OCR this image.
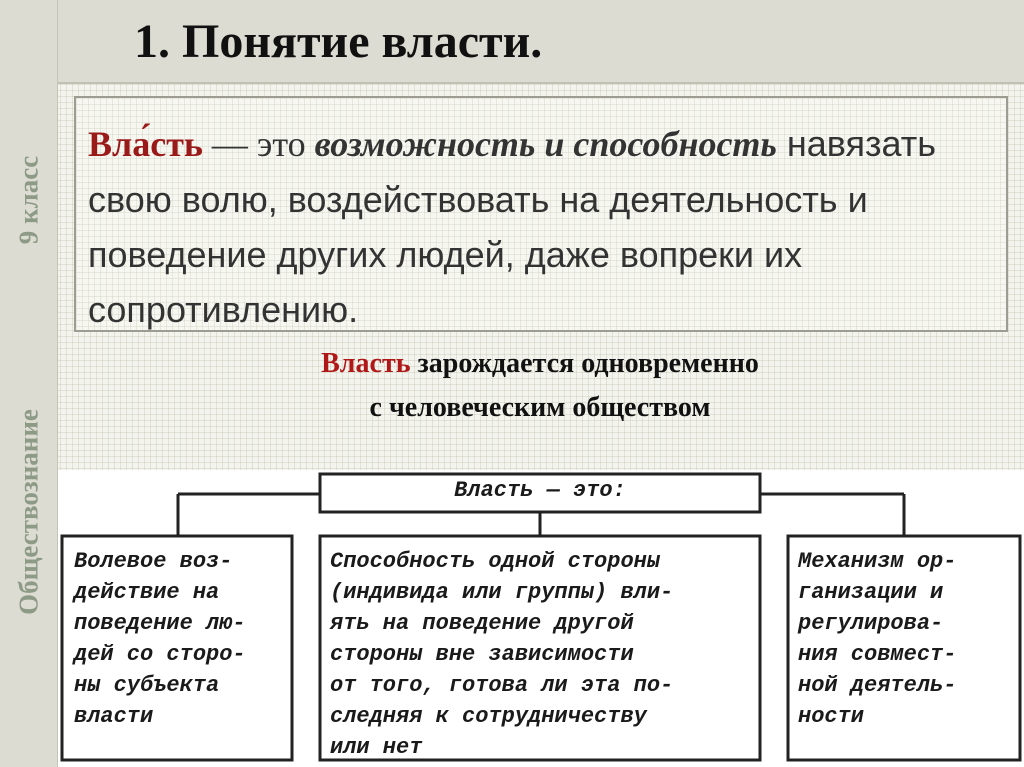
9 класс
Обществознание
1. Понятие власти.
Вла́сть — это возможность и способность навязать свою волю, воздействовать на деятельность и поведение других людей, даже вопреки их сопротивлению.
Власть зарождается одновременно
с человеческим обществом
Власть — это:
Волевое воз-
действие на
поведение лю-
дей со сторо-
ны субъекта
власти
Способность одной стороны
(индивида или группы) вли-
ять на поведение другой
стороны вне зависимости
от того, готова ли эта по-
следняя к сотрудничеству
или нет
Механизм ор-
ганизации и
регулирова-
ния совмест-
ной деятель-
ности
